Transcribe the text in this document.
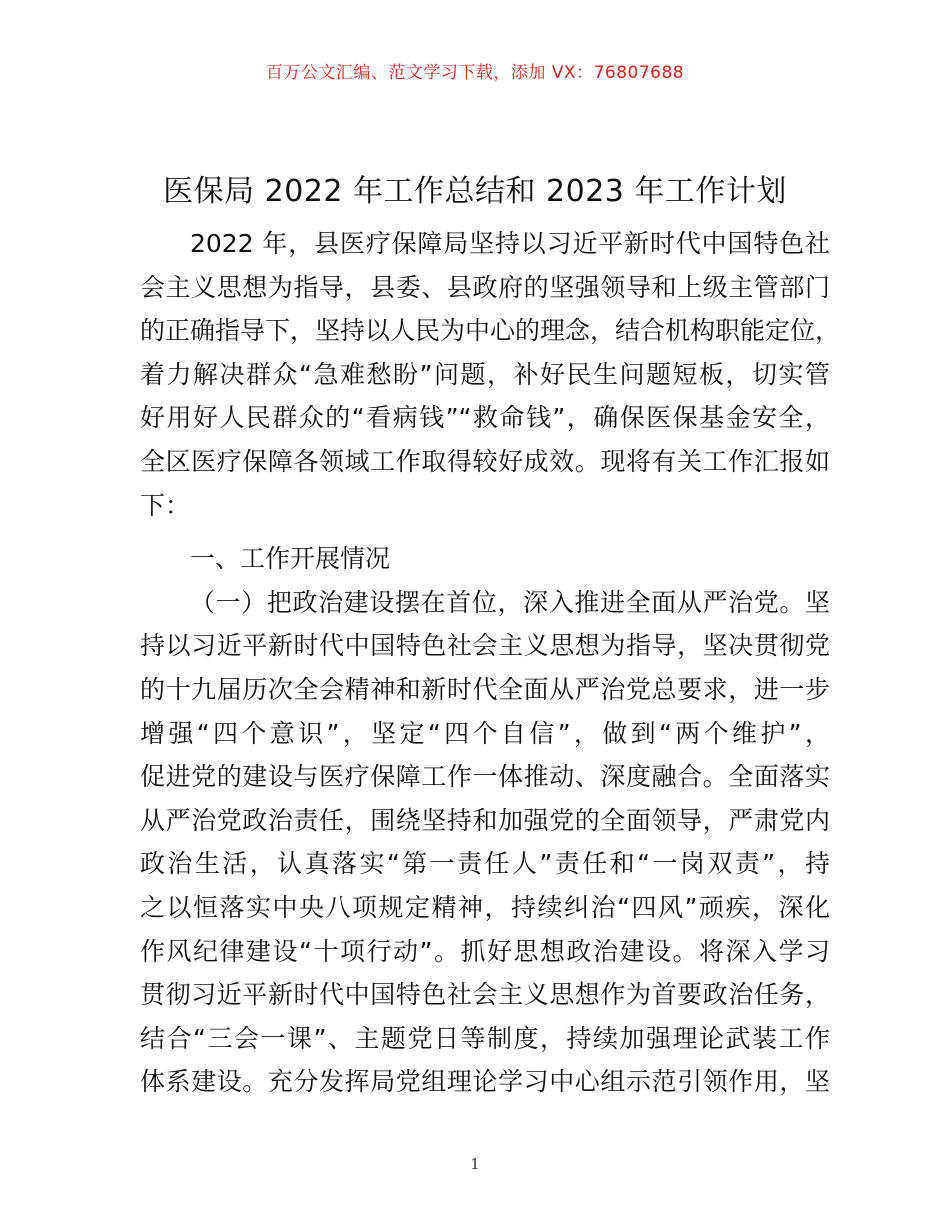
百万公文汇编、范文学习下载，添加 VX：76807688
医保局 2022 年工作总结和 2023 年工作计划
2022 年，县医疗保障局坚持以习近平新时代中国特色社
会主义思想为指导，县委、县政府的坚强领导和上级主管部门
的正确指导下，坚持以人民为中心的理念，结合机构职能定位，
着力解决群众“急难愁盼”问题，补好民生问题短板，切实管
好用好人民群众的“看病钱”“救命钱”，确保医保基金安全，
全区医疗保障各领域工作取得较好成效。现将有关工作汇报如
下：
一、工作开展情况
（一）把政治建设摆在首位，深入推进全面从严治党。坚
持以习近平新时代中国特色社会主义思想为指导，坚决贯彻党
的十九届历次全会精神和新时代全面从严治党总要求，进一步
增强“四个意识”，坚定“四个自信”，做到“两个维护”，
促进党的建设与医疗保障工作一体推动、深度融合。全面落实
从严治党政治责任，围绕坚持和加强党的全面领导，严肃党内
政治生活，认真落实“第一责任人”责任和“一岗双责”，持
之以恒落实中央八项规定精神，持续纠治“四风”顽疾，深化
作风纪律建设“十项行动”。抓好思想政治建设。将深入学习
贯彻习近平新时代中国特色社会主义思想作为首要政治任务，
结合“三会一课”、主题党日等制度，持续加强理论武装工作
体系建设。充分发挥局党组理论学习中心组示范引领作用，坚
1
